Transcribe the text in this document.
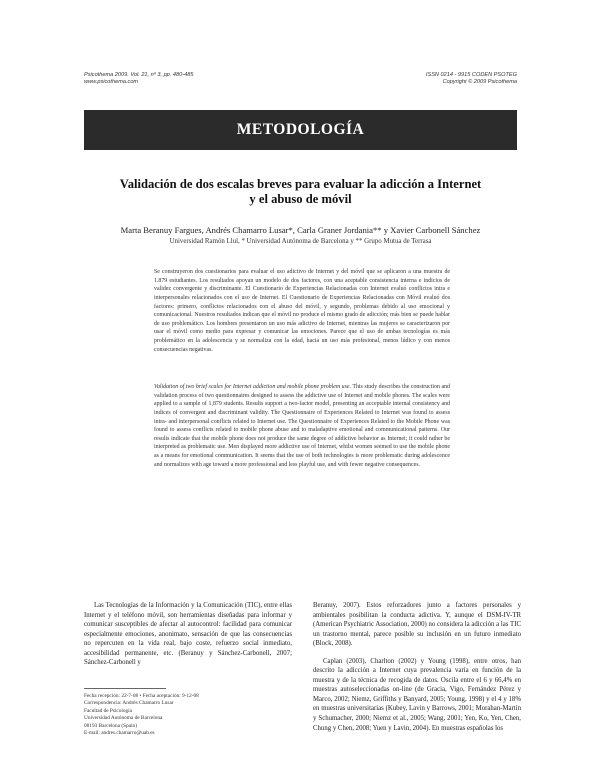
Psicothema 2009. Vol. 21, nº 3, pp. 480-485
www.psicothema.com
ISSN 0214 - 9915 CODEN PSOTEG
Copyright © 2009 Psicothema
METODOLOGÍA
Validación de dos escalas breves para evaluar la adicción a Internet
y el abuso de móvil
Marta Beranuy Fargues, Andrés Chamarro Lusar*, Carla Graner Jordania** y Xavier Carbonell Sánchez
Universidad Ramón Llul, * Universidad Autónoma de Barcelona y ** Grupo Mutua de Terrasa
Se construyeron dos cuestionarios para evaluar el uso adictivo de Internet y del móvil que se aplicaron a una muestra de 1.879 estudiantes. Los resultados apoyan un modelo de dos factores, con una aceptable consistencia interna e indicios de validez convergente y discriminante. El Cuestionario de Experiencias Relacionadas con Internet evaluó conflictos intra e interpersonales relacionados con el uso de Internet. El Cuestionario de Experiencias Relacionadas con Móvil evaluó dos factores: primero, conflictos relacionados con el abuso del móvil, y segundo, problemas debido al uso emocional y comunicacional. Nuestros resultados indican que el móvil no produce el mismo grado de adicción; más bien se puede hablar de uso problemático. Los hombres presentaron un uso más adictivo de Internet, mientras las mujeres se caracterizaron por usar el móvil como medio para expresar y comunicar las emociones. Parece que el uso de ambas tecnologías es más problemático en la adolescencia y se normaliza con la edad, hacia un uso más profesional, menos lúdico y con menos consecuencias negativas.
Validation of two brief scales for Internet addiction and mobile phone problem use. This study describes the construction and validation process of two questionnaires designed to assess the addictive use of Internet and mobile phones. The scales were applied to a sample of 1,879 students. Results support a two-factor model, presenting an acceptable internal consistency and indices of convergent and discriminant validity. The Questionnaire of Experiences Related to Internet was found to assess intra- and interpersonal conflicts related to Internet use. The Questionnaire of Experiences Related to the Mobile Phone was found to assess conflicts related to mobile phone abuse and to maladaptive emotional and communicational patterns. Our results indicate that the mobile phone does not produce the same degree of addictive behavior as Internet; it could rather be interpreted as problematic use. Men displayed more addictive use of Internet, whilst women seemed to use the mobile phone as a means for emotional communication. It seems that the use of both technologies is more problematic during adolescence and normalizes with age toward a more professional and less playful use, and with fewer negative consequences.

Las Tecnologías de la Información y la Comunicación (TIC), entre ellas Internet y el teléfono móvil, son herramientas diseñadas para informar y comunicar susceptibles de afectar al autocontrol: facilidad para comunicar especialmente emociones, anonimato, sensación de que las consecuencias no repercuten en la vida real, bajo coste, refuerzo social inmediato, accesibilidad permanente, etc. (Beranuy y Sánchez-Carbonell, 2007; Sánchez-Carbonell y

Beranuy, 2007). Estos reforzadores junto a factores personales y ambientales posibilitan la conducta adictiva. Y, aunque el DSM-IV-TR (American Psychiatric Association, 2000) no considera la adicción a las TIC un trastorno mental, parece posible su inclusión en un futuro inmediato (Block, 2008).

Caplan (2003), Charlton (2002) y Young (1998), entre otros, han descrito la adicción a Internet cuya prevalencia varía en función de la muestra y de la técnica de recogida de datos. Oscila entre el 6 y 66,4% en muestras autoseleccionadas on-line (de Gracia, Vigo, Fernández Pérez y Marco, 2002; Niemz, Griffiths y Banyard, 2005; Young, 1998) y el 4 y 18% en muestras universitarias (Kubey, Lavin y Barrows, 2001; Morahan-Martin y Schumacher, 2000; Niemz et al., 2005; Wang, 2001; Yen, Ko, Yen, Chen, Chung y Chen, 2008; Yuen y Lavin, 2004). En muestras españolas los

Fecha recepción: 22-7-08 • Fecha aceptación: 9-12-08
Correspondencia: Andrés Chamarro Lusar
Facultad de Psicología
Universidad Autónoma de Barcelona
08193 Barcelona (Spain)
E-mail: andres.chamarro@uab.es
